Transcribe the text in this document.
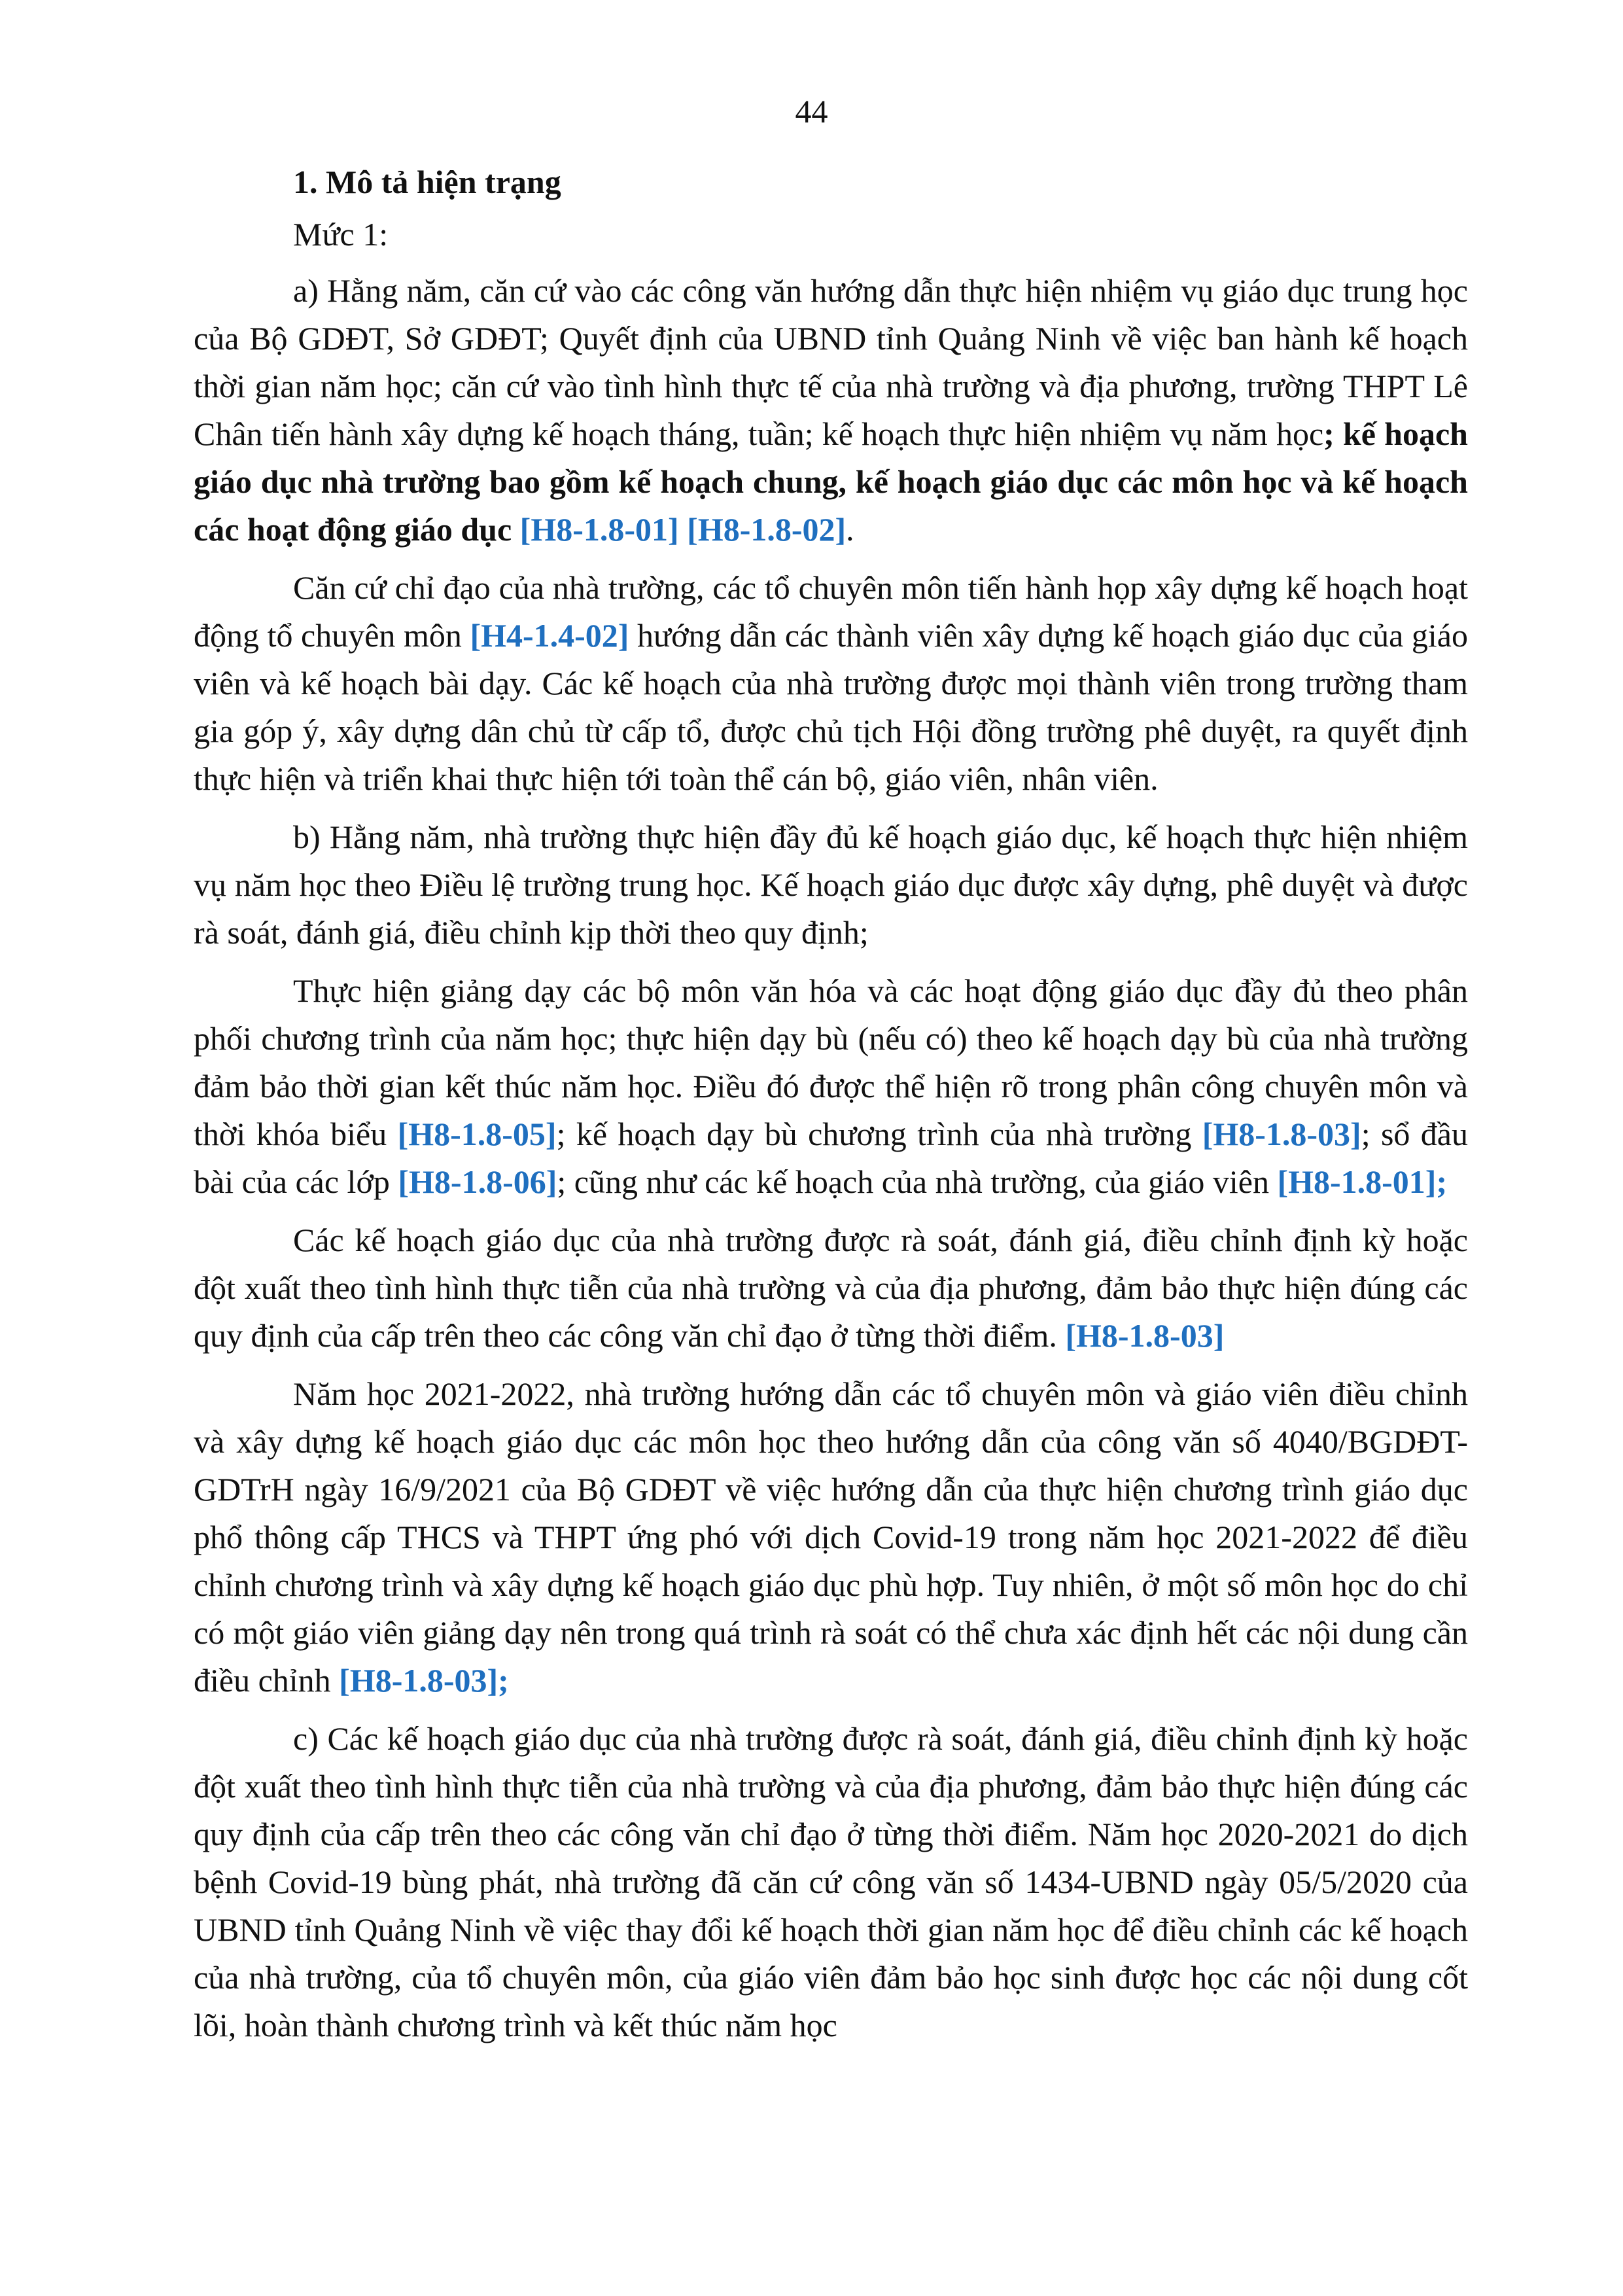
44
1. Mô tả hiện trạng
Mức 1:

a) Hằng năm, căn cứ vào các công văn hướng dẫn thực hiện nhiệm vụ giáo dục trung học của Bộ GDĐT, Sở GDĐT; Quyết định của UBND tỉnh Quảng Ninh về việc ban hành kế hoạch thời gian năm học; căn cứ vào tình hình thực tế của nhà trường và địa phương, trường THPT Lê Chân tiến hành xây dựng kế hoạch tháng, tuần; kế hoạch thực hiện nhiệm vụ năm học; kế hoạch giáo dục nhà trường bao gồm kế hoạch chung, kế hoạch giáo dục các môn học và kế hoạch các hoạt động giáo dục [H8-1.8-01] [H8-1.8-02].

Căn cứ chỉ đạo của nhà trường, các tổ chuyên môn tiến hành họp xây dựng kế hoạch hoạt động tổ chuyên môn [H4-1.4-02] hướng dẫn các thành viên xây dựng kế hoạch giáo dục của giáo viên và kế hoạch bài dạy. Các kế hoạch của nhà trường được mọi thành viên trong trường tham gia góp ý, xây dựng dân chủ từ cấp tổ, được chủ tịch Hội đồng trường phê duyệt, ra quyết định thực hiện và triển khai thực hiện tới toàn thể cán bộ, giáo viên, nhân viên.

b) Hằng năm, nhà trường thực hiện đầy đủ kế hoạch giáo dục, kế hoạch thực hiện nhiệm vụ năm học theo Điều lệ trường trung học. Kế hoạch giáo dục được xây dựng, phê duyệt và được rà soát, đánh giá, điều chỉnh kịp thời theo quy định;

Thực hiện giảng dạy các bộ môn văn hóa và các hoạt động giáo dục đầy đủ theo phân phối chương trình của năm học; thực hiện dạy bù (nếu có) theo kế hoạch dạy bù của nhà trường đảm bảo thời gian kết thúc năm học. Điều đó được thể hiện rõ trong phân công chuyên môn và thời khóa biểu [H8-1.8-05]; kế hoạch dạy bù chương trình của nhà trường [H8-1.8-03]; sổ đầu bài của các lớp [H8-1.8-06]; cũng như các kế hoạch của nhà trường, của giáo viên [H8-1.8-01];

Các kế hoạch giáo dục của nhà trường được rà soát, đánh giá, điều chỉnh định kỳ hoặc đột xuất theo tình hình thực tiễn của nhà trường và của địa phương, đảm bảo thực hiện đúng các quy định của cấp trên theo các công văn chỉ đạo ở từng thời điểm. [H8-1.8-03]

Năm học 2021-2022, nhà trường hướng dẫn các tổ chuyên môn và giáo viên điều chỉnh và xây dựng kế hoạch giáo dục các môn học theo hướng dẫn của công văn số 4040/BGDĐT-GDTrH ngày 16/9/2021 của Bộ GDĐT về việc hướng dẫn của thực hiện chương trình giáo dục phổ thông cấp THCS và THPT ứng phó với dịch Covid-19 trong năm học 2021-2022 để điều chỉnh chương trình và xây dựng kế hoạch giáo dục phù hợp. Tuy nhiên, ở một số môn học do chỉ có một giáo viên giảng dạy nên trong quá trình rà soát có thể chưa xác định hết các nội dung cần điều chỉnh [H8-1.8-03];

c) Các kế hoạch giáo dục của nhà trường được rà soát, đánh giá, điều chỉnh định kỳ hoặc đột xuất theo tình hình thực tiễn của nhà trường và của địa phương, đảm bảo thực hiện đúng các quy định của cấp trên theo các công văn chỉ đạo ở từng thời điểm. Năm học 2020-2021 do dịch bệnh Covid-19 bùng phát, nhà trường đã căn cứ công văn số 1434-UBND ngày 05/5/2020 của UBND tỉnh Quảng Ninh về việc thay đổi kế hoạch thời gian năm học để điều chỉnh các kế hoạch của nhà trường, của tổ chuyên môn, của giáo viên đảm bảo học sinh được học các nội dung cốt lõi, hoàn thành chương trình và kết thúc năm học
